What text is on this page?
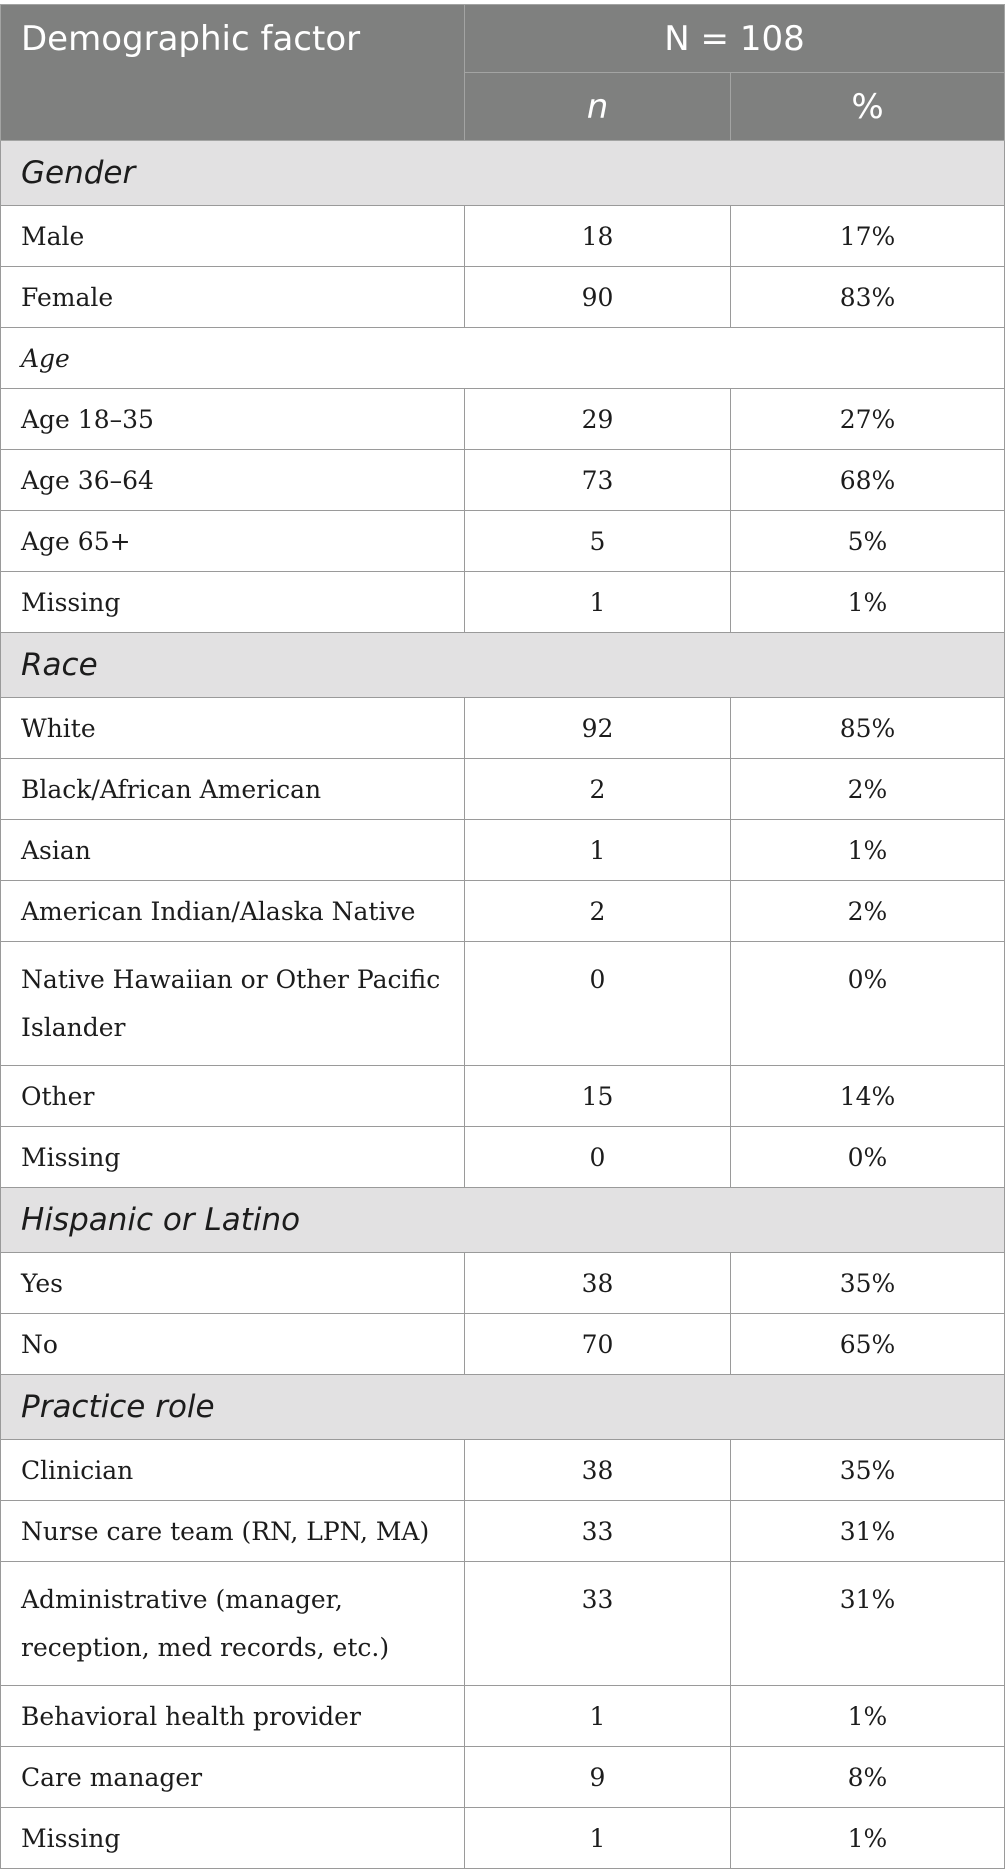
Demographic factor	N = 108	
	n	%
Gender		
Male	18	17%
Female	90	83%
Age		
Age 18–35	29	27%
Age 36–64	73	68%
Age 65+	5	5%
Missing	1	1%
Race		
White	92	85%
Black/African American	2	2%
Asian	1	1%
American Indian/Alaska Native	2	2%
Native Hawaiian or Other Pacific Islander	0	0%
Other	15	14%
Missing	0	0%
Hispanic or Latino		
Yes	38	35%
No	70	65%
Practice role		
Clinician	38	35%
Nurse care team (RN, LPN, MA)	33	31%
Administrative (manager, reception, med records, etc.)	33	31%
Behavioral health provider	1	1%
Care manager	9	8%
Missing	1	1%
